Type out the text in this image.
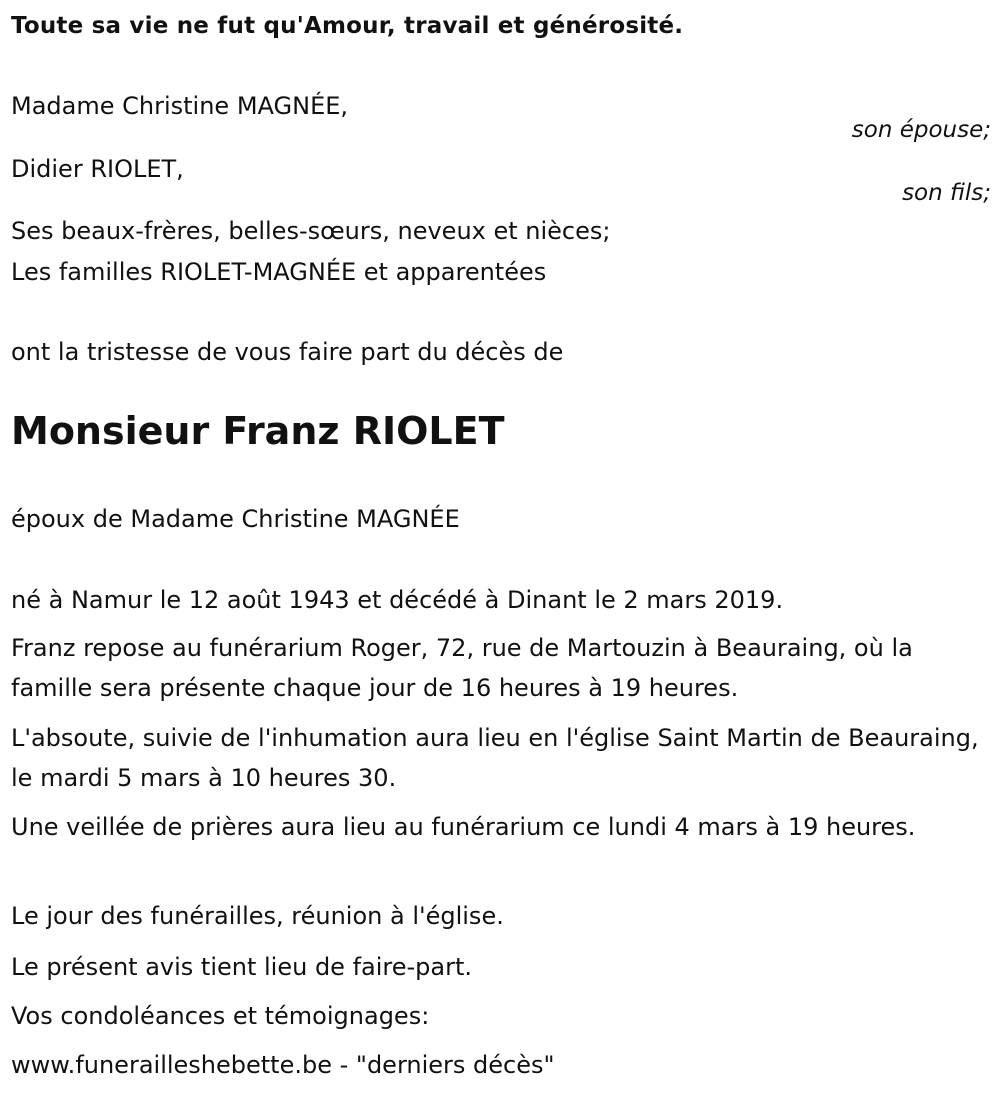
Toute sa vie ne fut qu'Amour, travail et générosité.
Madame Christine MAGNÉE,
son épouse;
Didier RIOLET,
son fils;
Ses beaux-frères, belles-sœurs, neveux et nièces;
Les familles RIOLET-MAGNÉE et apparentées
ont la tristesse de vous faire part du décès de
Monsieur Franz RIOLET
époux de Madame Christine MAGNÉE
né à Namur le 12 août 1943 et décédé à Dinant le 2 mars 2019.
Franz repose au funérarium Roger, 72, rue de Martouzin à Beauraing, où la famille sera présente chaque jour de 16 heures à 19 heures.
L'absoute, suivie de l'inhumation aura lieu en l'église Saint Martin de Beauraing, le mardi 5 mars à 10 heures 30.
Une veillée de prières aura lieu au funérarium ce lundi 4 mars à 19 heures.
Le jour des funérailles, réunion à l'église.
Le présent avis tient lieu de faire-part.
Vos condoléances et témoignages:
www.funerailleshebette.be - "derniers décès"
